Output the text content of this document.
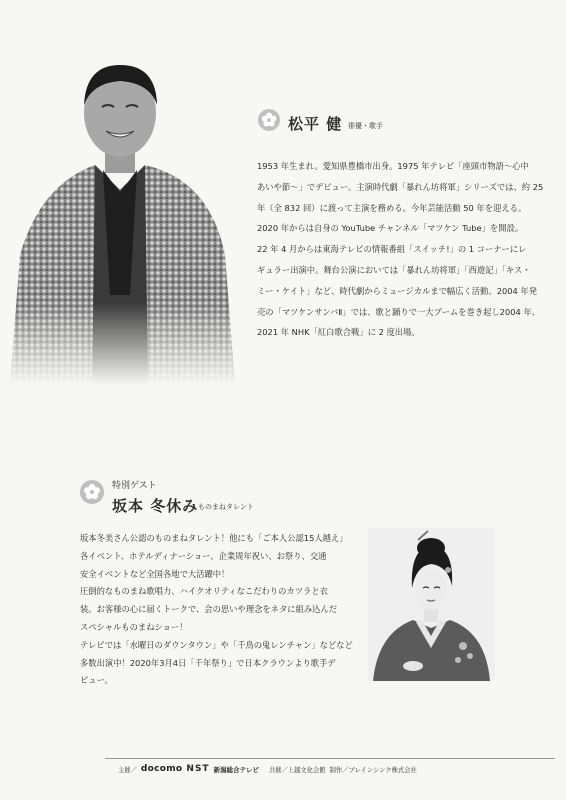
松平 健 俳優・歌手
1953 年生まれ。愛知県豊橋市出身。1975 年テレビ「座頭市物語〜心中
あいや節〜」でデビュー。主演時代劇「暴れん坊将軍」シリーズでは、約 25
年（全 832 回）に渡って主演を務める。今年芸能活動 50 年を迎える。
2020 年からは自身の YouTube チャンネル「マツケン Tube」を開設。
22 年 4 月からは東海テレビの情報番組「スイッチ!」の 1 コーナーにレ
ギュラー出演中。舞台公演においては「暴れん坊将軍」「西遊記」「キス・
ミー・ケイト」など、時代劇からミュージカルまで幅広く活動。2004 年発
売の「マツケンサンバⅡ」では、歌と踊りで一大ブームを巻き起し2004 年、
2021 年 NHK「紅白歌合戦」に 2 度出場。
特別ゲスト
坂本 冬休み ものまねタレント
坂本冬美さん公認のものまねタレント！他にも「ご本人公認15人越え」
各イベント、ホテルディナーショー、企業周年祝い、お祭り、交通
安全イベントなど全国各地で大活躍中！
圧倒的なものまね歌唱力、ハイクオリティなこだわりのカツラと衣
装。お客様の心に届くトークで、会の思いや理念をネタに組み込んだ
スペシャルものまねショー！
テレビでは「水曜日のダウンタウン」や「千鳥の鬼レンチャン」などなど
多数出演中！2020年3月4日「千年祭り」で日本クラウンより歌手デ
ビュー。
主催／ docomo NST 新潟総合テレビ 共催／上越文化会館 制作／ブレインシンク株式会社
